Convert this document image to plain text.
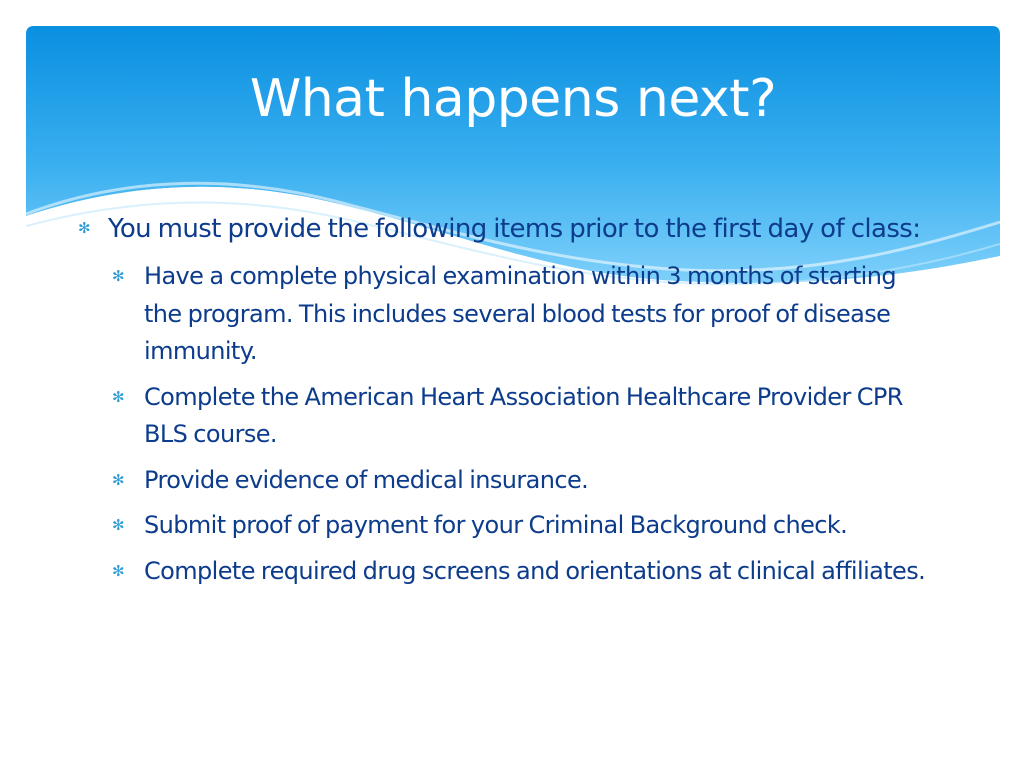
What happens next?
✻ You must provide the following items prior to the first day of class:
✻ Have a complete physical examination within 3 months of starting the program. This includes several blood tests for proof of disease immunity.
✻ Complete the American Heart Association Healthcare Provider CPR BLS course.
✻ Provide evidence of medical insurance.
✻ Submit proof of payment for your Criminal Background check.
✻ Complete required drug screens and orientations at clinical affiliates.
